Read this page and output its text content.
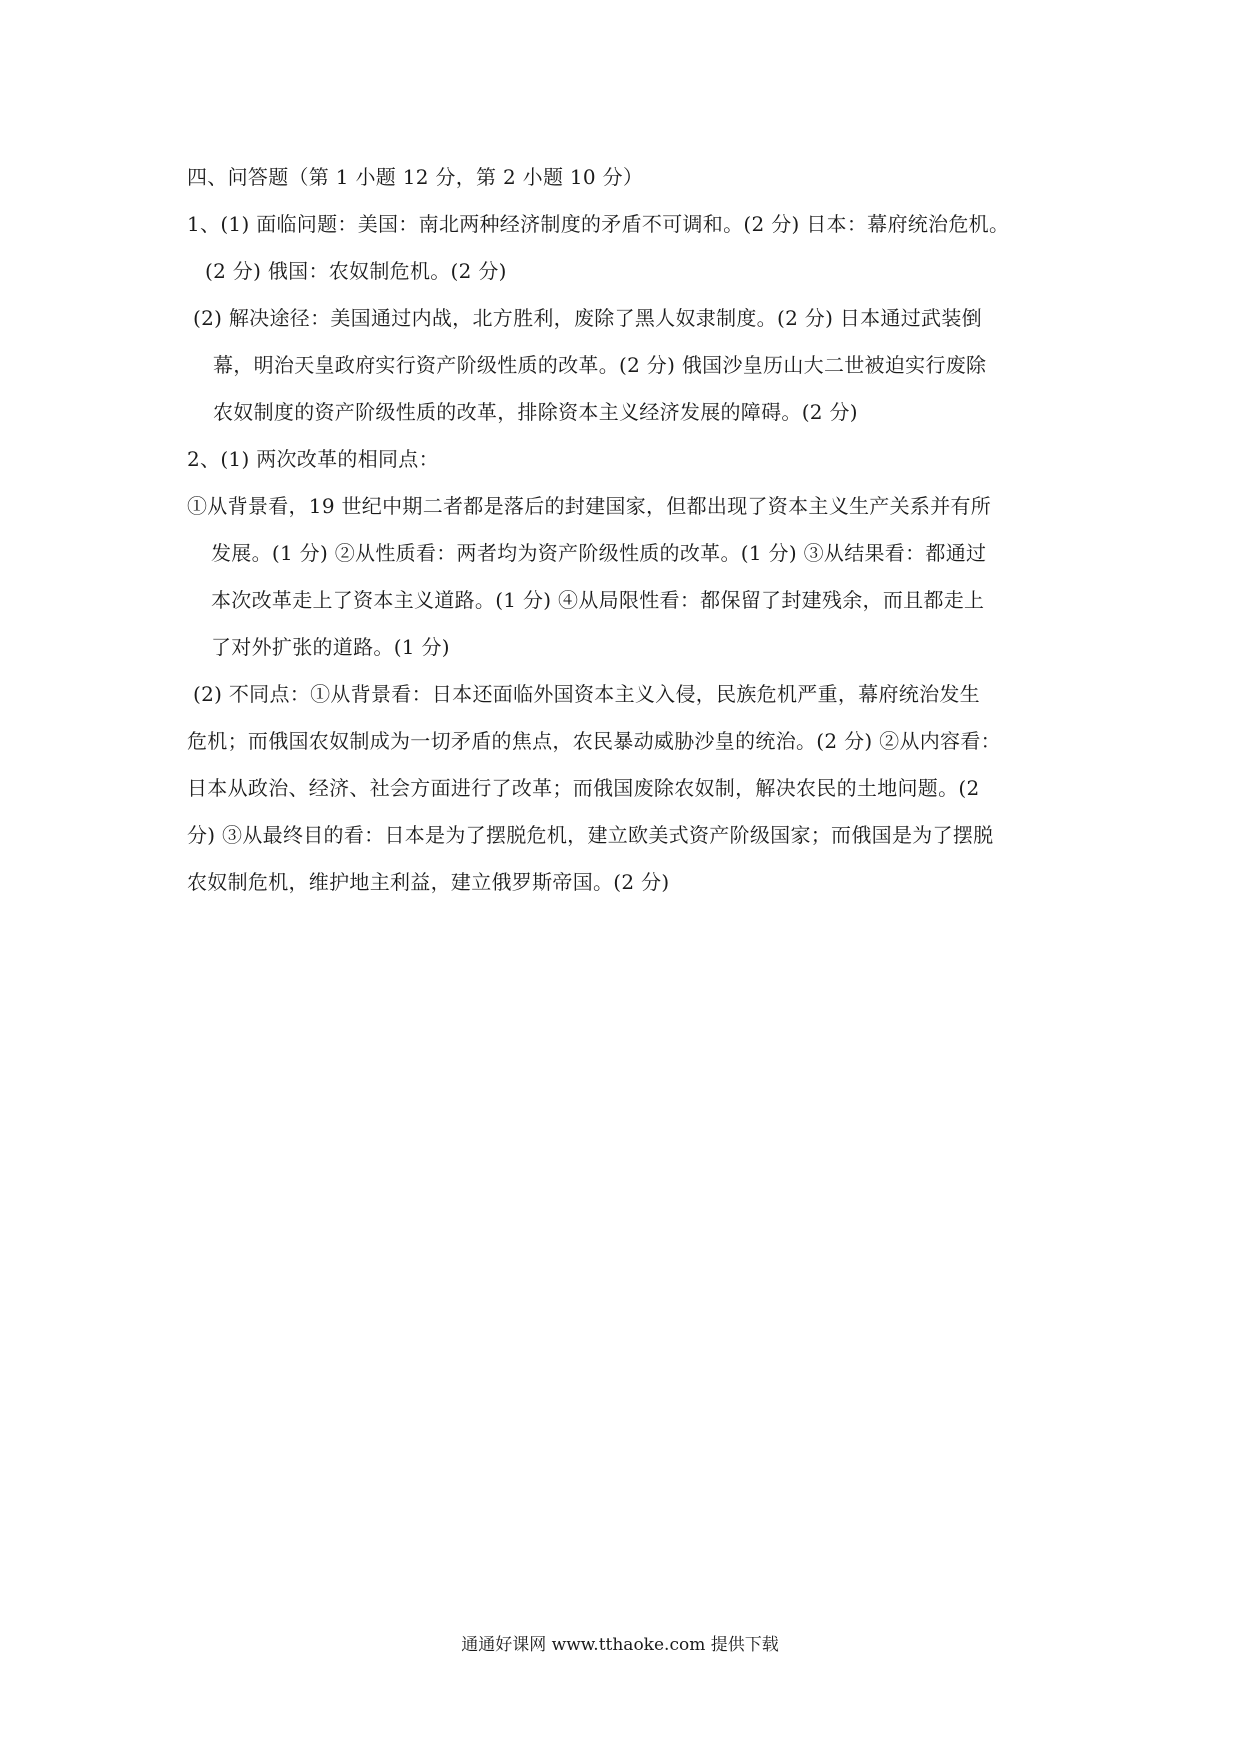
四、问答题（第 1 小题 12 分，第 2 小题 10 分）
1、(1) 面临问题：美国：南北两种经济制度的矛盾不可调和。(2 分) 日本：幕府统治危机。
(2 分) 俄国：农奴制危机。(2 分)
(2) 解决途径：美国通过内战，北方胜利，废除了黑人奴隶制度。(2 分) 日本通过武装倒
幕，明治天皇政府实行资产阶级性质的改革。(2 分) 俄国沙皇历山大二世被迫实行废除
农奴制度的资产阶级性质的改革，排除资本主义经济发展的障碍。(2 分)
2、(1) 两次改革的相同点：
①从背景看，19 世纪中期二者都是落后的封建国家，但都出现了资本主义生产关系并有所
发展。(1 分) ②从性质看：两者均为资产阶级性质的改革。(1 分) ③从结果看：都通过
本次改革走上了资本主义道路。(1 分) ④从局限性看：都保留了封建残余，而且都走上
了对外扩张的道路。(1 分)
(2) 不同点：①从背景看：日本还面临外国资本主义入侵，民族危机严重，幕府统治发生
危机；而俄国农奴制成为一切矛盾的焦点，农民暴动威胁沙皇的统治。(2 分) ②从内容看：
日本从政治、经济、社会方面进行了改革；而俄国废除农奴制，解决农民的土地问题。(2
分) ③从最终目的看：日本是为了摆脱危机，建立欧美式资产阶级国家；而俄国是为了摆脱
农奴制危机，维护地主利益，建立俄罗斯帝国。(2 分)
通通好课网 www.tthaoke.com 提供下载
